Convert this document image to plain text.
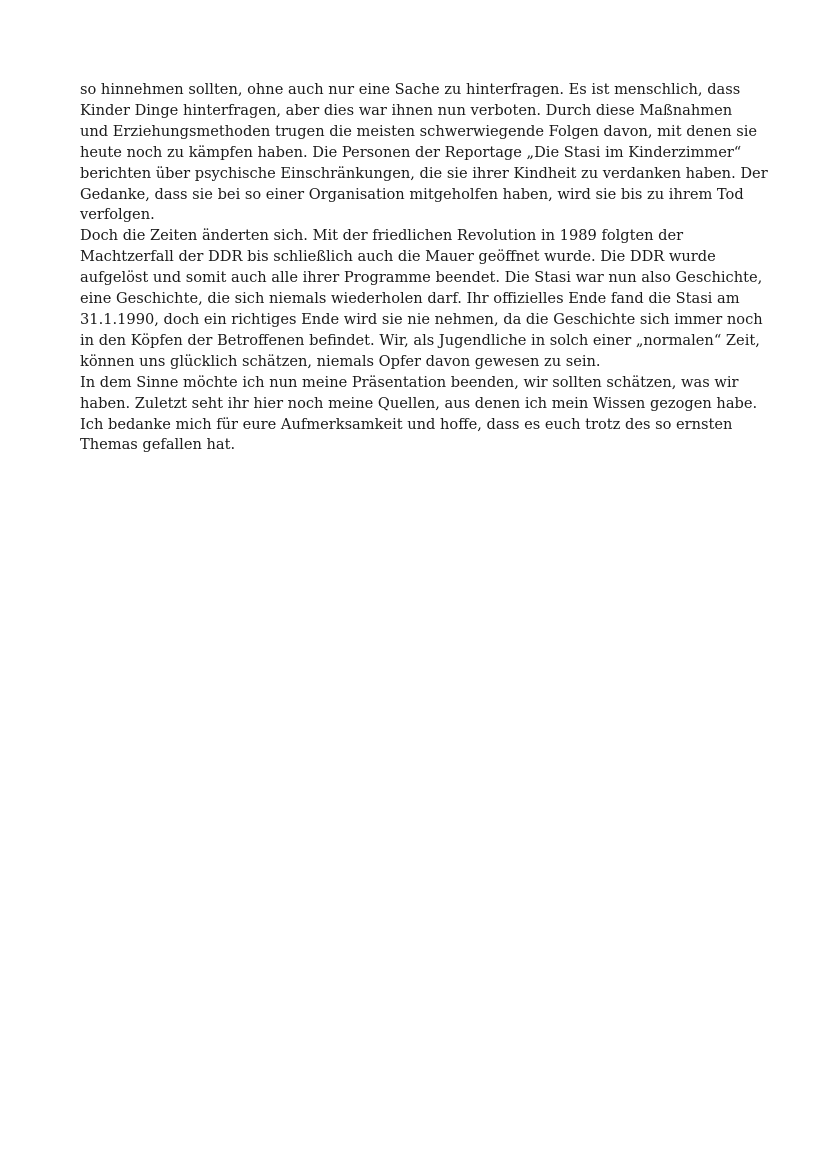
so hinnehmen sollten, ohne auch nur eine Sache zu hinterfragen. Es ist menschlich, dass
Kinder Dinge hinterfragen, aber dies war ihnen nun verboten. Durch diese Maßnahmen
und Erziehungsmethoden trugen die meisten schwerwiegende Folgen davon, mit denen sie
heute noch zu kämpfen haben. Die Personen der Reportage „Die Stasi im Kinderzimmer“
berichten über psychische Einschränkungen, die sie ihrer Kindheit zu verdanken haben. Der
Gedanke, dass sie bei so einer Organisation mitgeholfen haben, wird sie bis zu ihrem Tod
verfolgen.
Doch die Zeiten änderten sich. Mit der friedlichen Revolution in 1989 folgten der
Machtzerfall der DDR bis schließlich auch die Mauer geöffnet wurde. Die DDR wurde
aufgelöst und somit auch alle ihrer Programme beendet. Die Stasi war nun also Geschichte,
eine Geschichte, die sich niemals wiederholen darf. Ihr offizielles Ende fand die Stasi am
31.1.1990, doch ein richtiges Ende wird sie nie nehmen, da die Geschichte sich immer noch
in den Köpfen der Betroffenen befindet. Wir, als Jugendliche in solch einer „normalen“ Zeit,
können uns glücklich schätzen, niemals Opfer davon gewesen zu sein.
In dem Sinne möchte ich nun meine Präsentation beenden, wir sollten schätzen, was wir
haben. Zuletzt seht ihr hier noch meine Quellen, aus denen ich mein Wissen gezogen habe.
Ich bedanke mich für eure Aufmerksamkeit und hoffe, dass es euch trotz des so ernsten
Themas gefallen hat.
